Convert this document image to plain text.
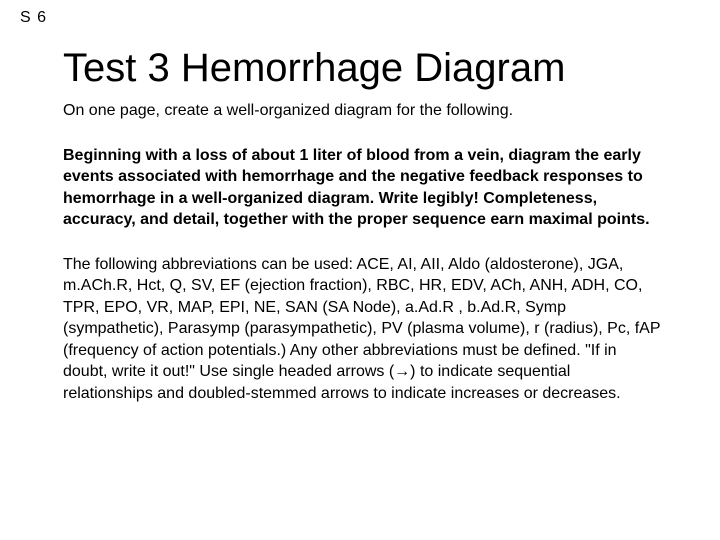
S 6
Test 3 Hemorrhage Diagram

On one page, create a well-organized diagram for the following.

Beginning with a loss of about 1 liter of blood from a vein, diagram the early events associated with hemorrhage and the negative feedback responses to hemorrhage in a well-organized diagram. Write legibly! Completeness, accuracy, and detail, together with the proper sequence earn maximal points.

The following abbreviations can be used: ACE, AI, AII, Aldo (aldosterone), JGA, m.ACh.R, Hct, Q, SV, EF (ejection fraction), RBC, HR, EDV, ACh, ANH, ADH, CO, TPR, EPO, VR, MAP, EPI, NE, SAN (SA Node), a.Ad.R , b.Ad.R, Symp (sympathetic), Parasymp (parasympathetic), PV (plasma volume), r (radius), Pc, fAP (frequency of action potentials.) Any other abbreviations must be defined. "If in doubt, write it out!" Use single headed arrows (→) to indicate sequential relationships and doubled-stemmed arrows to indicate increases or decreases.
